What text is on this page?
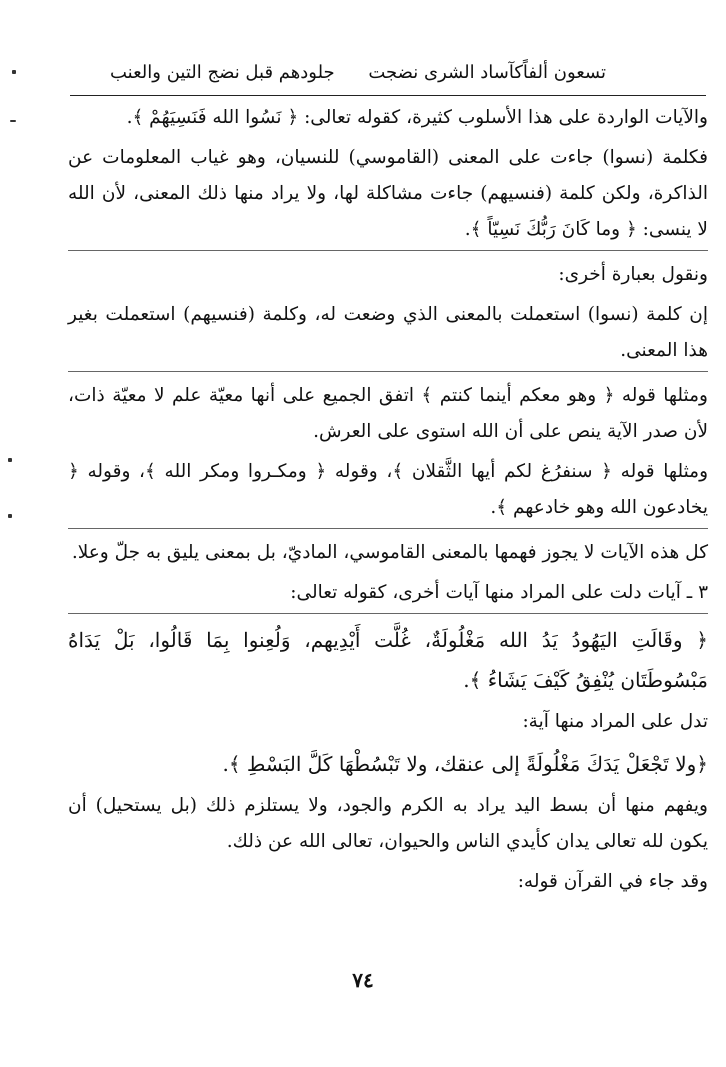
تسعون ألفاًكآساد الشرى نضجت
جلودهم قبل نضج التين والعنب

والآيات الواردة على هذا الأسلوب كثيرة، كقوله تعالى: ﴿ نَسُوا الله فَنَسِيَهُمْ ﴾.

فكلمة (نسوا) جاءت على المعنى (القاموسي) للنسيان، وهو غياب المعلومات عن الذاكرة، ولكن كلمة (فنسيهم) جاءت مشاكلة لها، ولا يراد منها ذلك المعنى، لأن الله لا ينسى: ﴿ وما كَانَ رَبُّكَ نَسِيّاً ﴾.

ونقول بعبارة أخرى:

إن كلمة (نسوا) استعملت بالمعنى الذي وضعت له، وكلمة (فنسيهم) استعملت بغير هذا المعنى.

ومثلها قوله ﴿ وهو معكم أينما كنتم ﴾ اتفق الجميع على أنها معيّة علم لا معيّة ذات، لأن صدر الآية ينص على أن الله استوى على العرش.

ومثلها قوله ﴿ سنفرُغ لكم أيها الثَّقلان ﴾، وقوله ﴿ ومكـروا ومكر الله ﴾، وقوله ﴿ يخادعون الله وهو خادعهم ﴾.

كل هذه الآيات لا يجوز فهمها بالمعنى القاموسي، الماديّ، بل بمعنى يليق به جلّ وعلا.

٣ ـ آيات دلت على المراد منها آيات أخرى، كقوله تعالى:

﴿ وقَالَتِ اليَهُودُ يَدُ الله مَغْلُولَةٌ، غُلَّت أَيْدِيهم، وَلُعِنوا بِمَا قَالُوا، بَلْ يَدَاهُ مَبْسُوطَتَان يُنْفِقُ كَيْفَ يَشَاءُ ﴾.

تدل على المراد منها آية:

﴿ولا تَجْعَلْ يَدَكَ مَغْلُولَةً إلى عنقك، ولا تَبْسُطْهَا كَلَّ البَسْطِ ﴾.

ويفهم منها أن بسط اليد يراد به الكرم والجود، ولا يستلزم ذلك (بل يستحيل) أن يكون لله تعالى يدان كأيدي الناس والحيوان، تعالى الله عن ذلك.

وقد جاء في القرآن قوله:

٧٤
